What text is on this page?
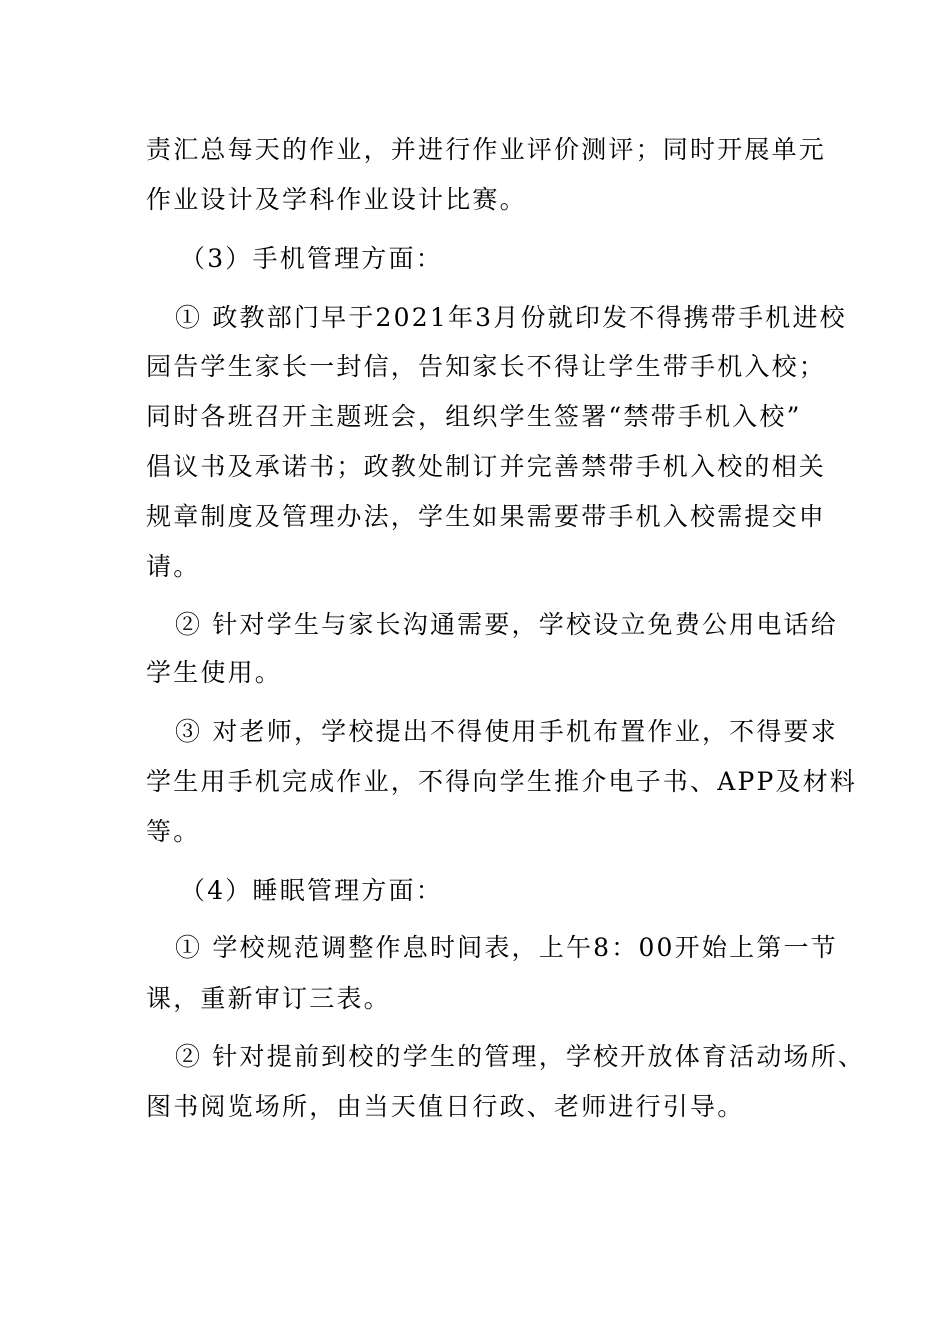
责汇总每天的作业，并进行作业评价测评；同时开展单元
作业设计及学科作业设计比赛。
（3）手机管理方面：
① 政教部门早于2021年3月份就印发不得携带手机进校
园告学生家长一封信，告知家长不得让学生带手机入校；
同时各班召开主题班会，组织学生签署“禁带手机入校”
倡议书及承诺书；政教处制订并完善禁带手机入校的相关
规章制度及管理办法，学生如果需要带手机入校需提交申
请。
② 针对学生与家长沟通需要，学校设立免费公用电话给
学生使用。
③ 对老师，学校提出不得使用手机布置作业，不得要求
学生用手机完成作业，不得向学生推介电子书、APP及材料
等。
（4）睡眠管理方面：
① 学校规范调整作息时间表，上午8：00开始上第一节
课，重新审订三表。
② 针对提前到校的学生的管理，学校开放体育活动场所、
图书阅览场所，由当天值日行政、老师进行引导。
